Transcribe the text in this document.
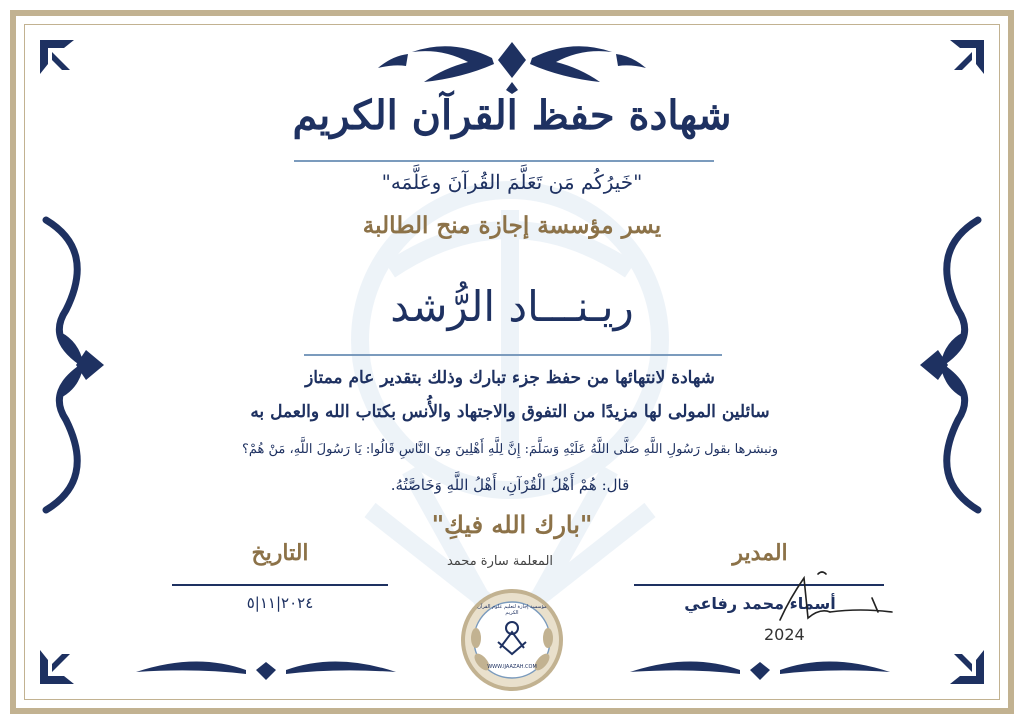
شهادة حفظ القرآن الكريم
"خَيرُكُم مَن تَعَلَّمَ القُرآنَ وعَلَّمَه"
يسر مؤسسة إجازة منح الطالبة
ريـنـــاد الرُّشد
شهادة لانتهائها من حفظ جزء تبارك وذلك بتقدير عام ممتاز
سائلين المولى لها مزيدًا من التفوق والاجتهاد والأُنس بكتاب الله والعمل به
ونبشرها بقول رَسُولِ اللَّهِ صَلَّى اللَّهُ عَلَيْهِ وَسَلَّمَ: إِنَّ لِلَّهِ أَهْلِينَ مِنَ النَّاسِ قَالُوا: يَا رَسُولَ اللَّهِ، مَنْ هُمْ؟
قال: هُمْ أَهْلُ الْقُرْآنِ، أَهْلُ اللَّهِ وَخَاصَّتُهُ.
"بارك الله فيكِ"
التاريخ
٢٠٢٤|١١|٥
المعلمة سارة محمد	المدير
أسماء محمد رفاعي
2024
مؤسسة إجازة لتعليم علوم القرآن الكريم
WWW.IJAAZAH.COM
